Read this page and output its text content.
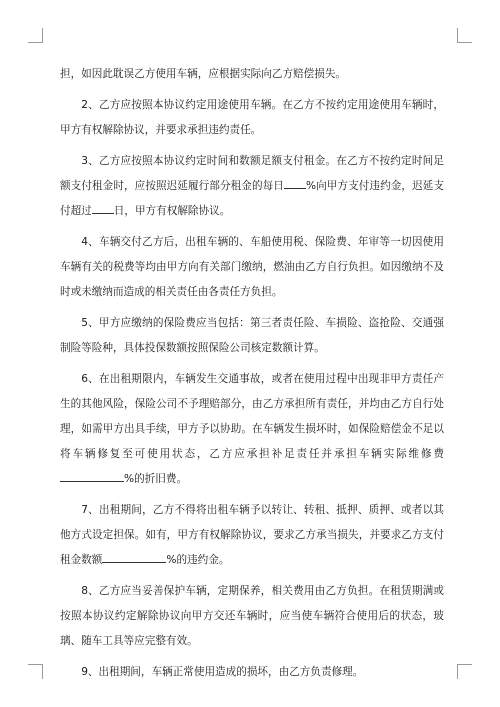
担，如因此耽误乙方使用车辆，应根据实际向乙方赔偿损失。

2、乙方应按照本协议约定用途使用车辆。在乙方不按约定用途使用车辆时，甲方有权解除协议，并要求承担违约责任。

3、乙方应按照本协议约定时间和数额足额支付租金。在乙方不按约定时间足额支付租金时，应按照迟延履行部分租金的每日 %向甲方支付违约金，迟延支付超过 日，甲方有权解除协议。

4、车辆交付乙方后，出租车辆的、车船使用税、保险费、年审等一切因使用车辆有关的税费等均由甲方向有关部门缴纳，燃油由乙方自行负担。如因缴纳不及时或未缴纳而造成的相关责任由各责任方负担。

5、甲方应缴纳的保险费应当包括：第三者责任险、车损险、盗抢险、交通强制险等险种，具体投保数额按照保险公司核定数额计算。

6、在出租期限内，车辆发生交通事故，或者在使用过程中出现非甲方责任产生的其他风险，保险公司不予理赔部分，由乙方承担所有责任，并均由乙方自行处理，如需甲方出具手续，甲方予以协助。在车辆发生损坏时，如保险赔偿金不足以将车辆修复至可使用状态，乙方应承担补足责任并承担车辆实际维修费%的折旧费。

7、出租期间，乙方不得将出租车辆予以转让、转租、抵押、质押、或者以其他方式设定担保。如有，甲方有权解除协议，要求乙方承当损失，并要求乙方支付租金数额	%的违约金。

8、乙方应当妥善保护车辆，定期保养，相关费用由乙方负担。在租赁期满或按照本协议约定解除协议向甲方交还车辆时，应当使车辆符合使用后的状态，玻璃、随车工具等应完整有效。

9、出租期间，车辆正常使用造成的损坏，由乙方负责修理。
